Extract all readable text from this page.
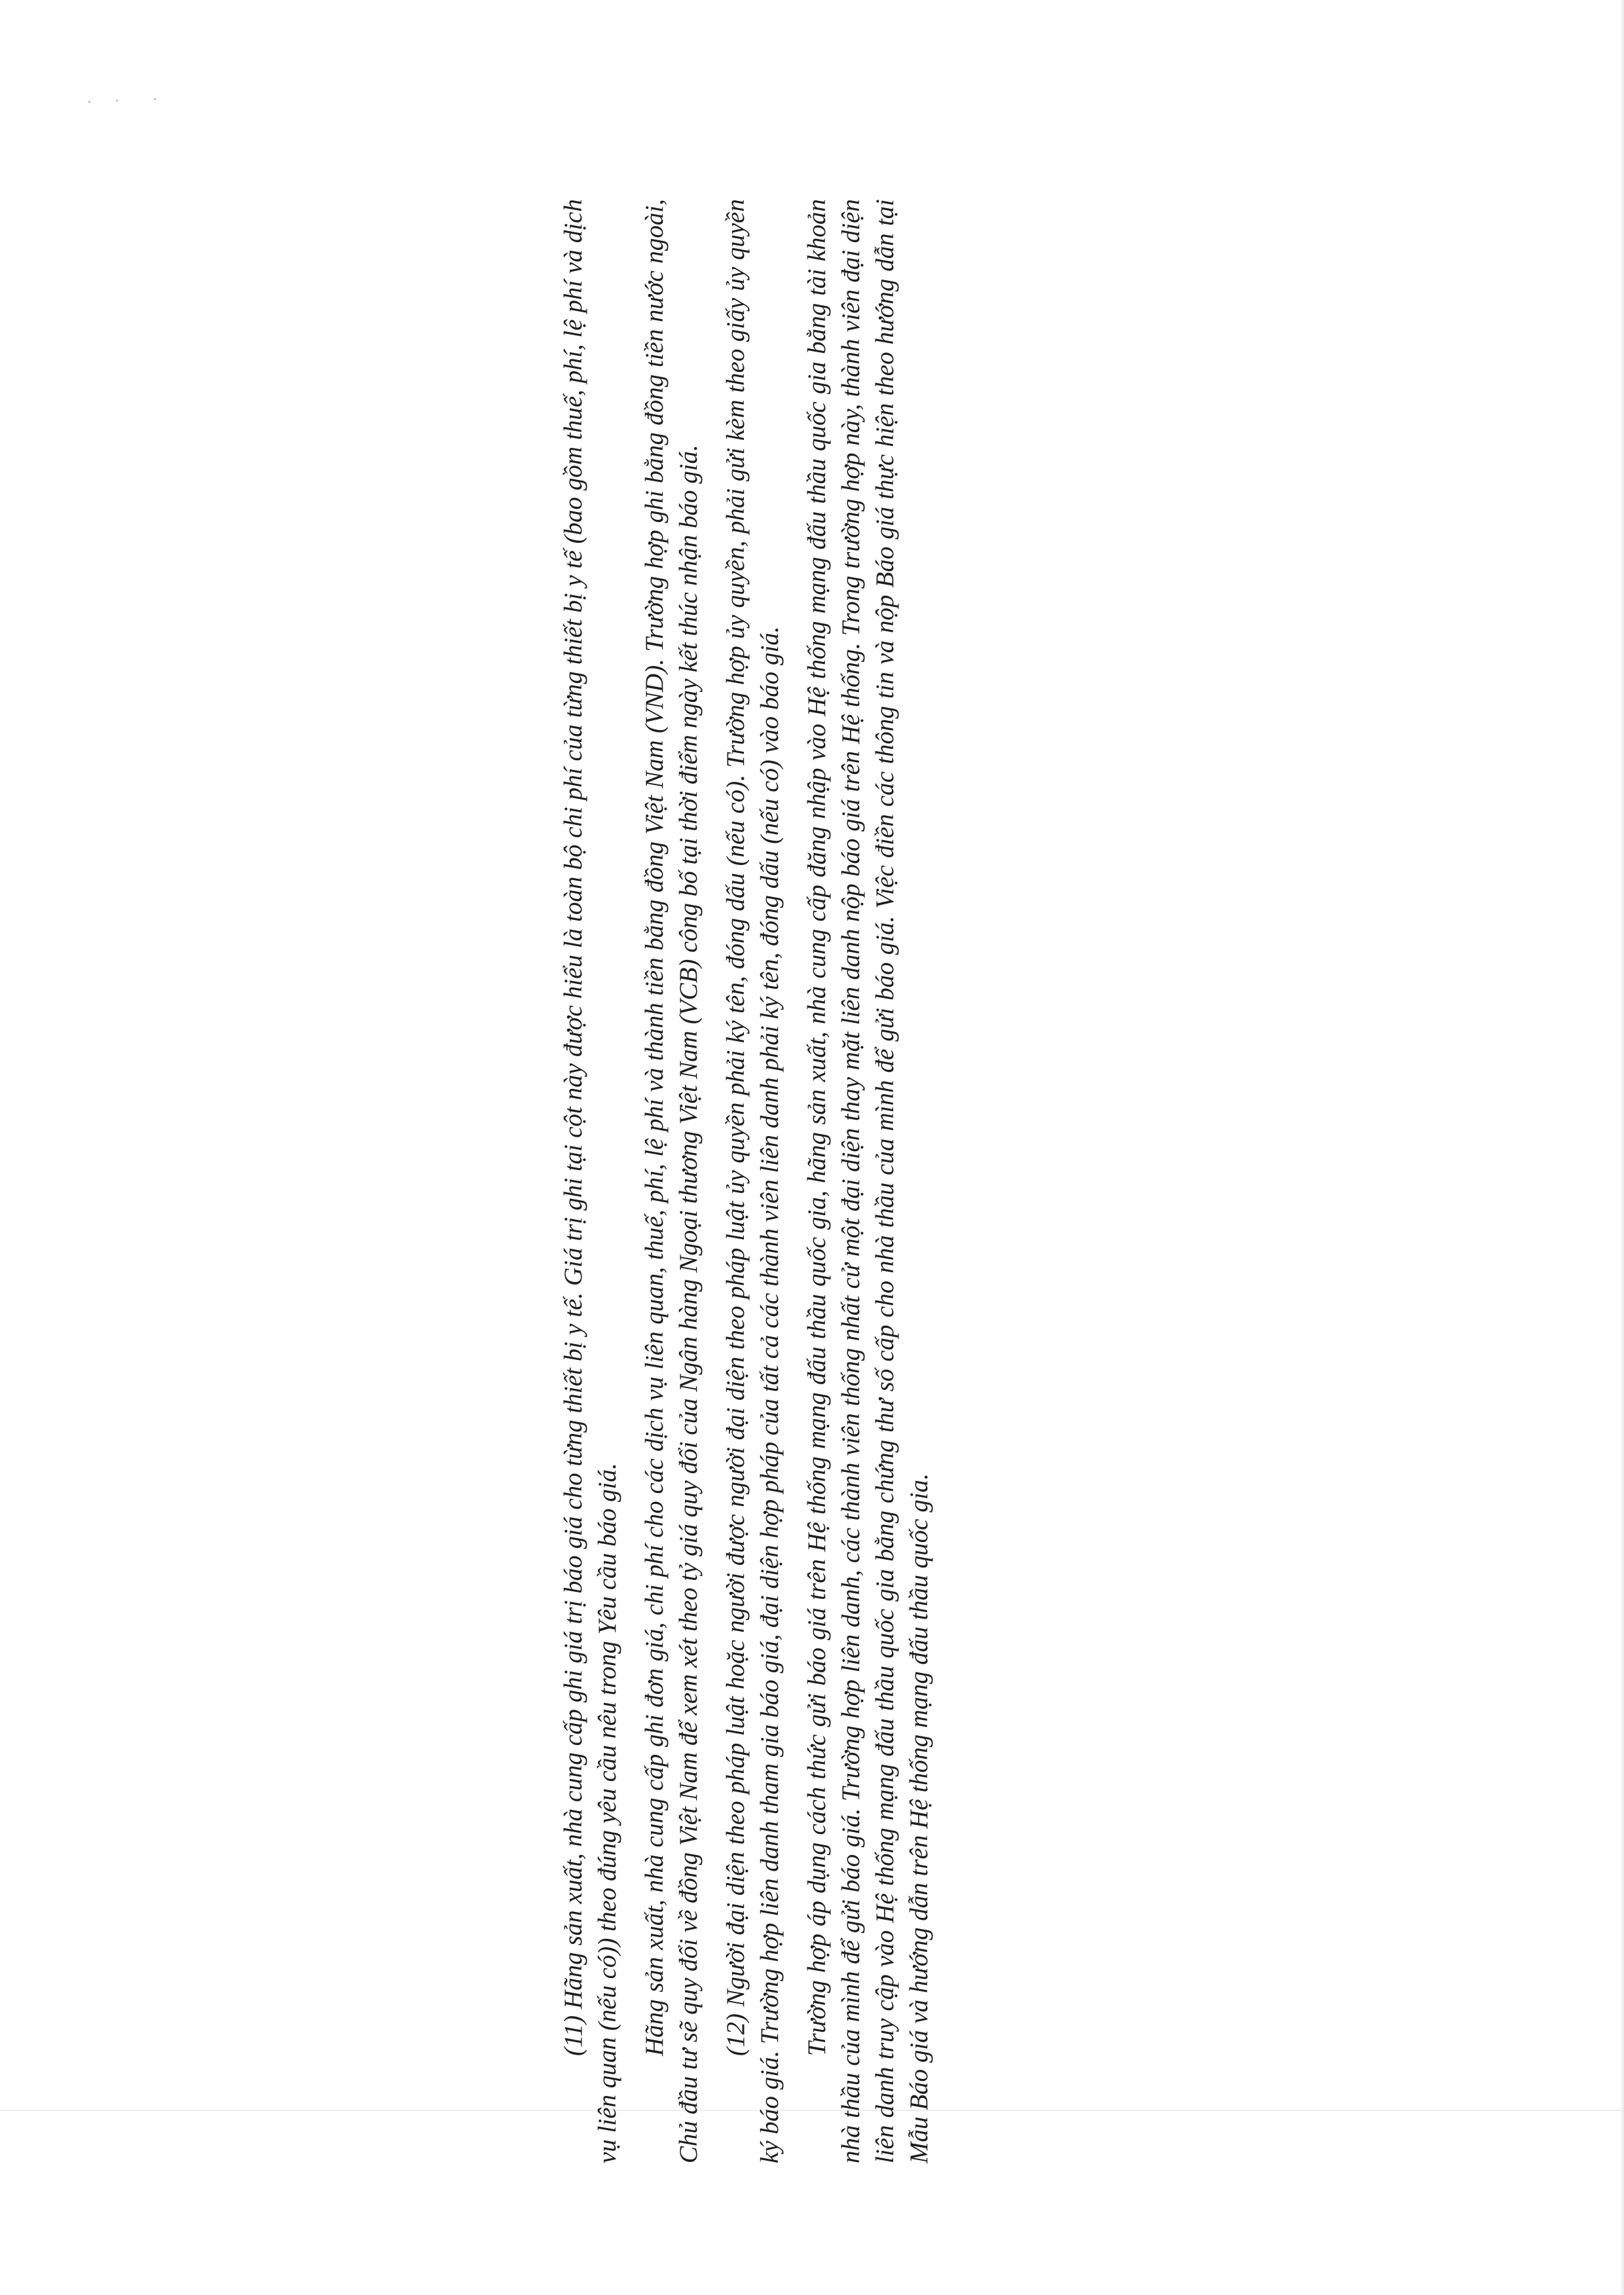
(11) Hãng sản xuất, nhà cung cấp ghi giá trị báo giá cho từng thiết bị y tế. Giá trị ghi tại cột này được hiểu là toàn bộ chi phí của từng thiết bị y tế (bao gồm thuế, phí, lệ phí và dịch vụ liên quan (nếu có)) theo đúng yêu cầu nêu trong Yêu cầu báo giá. Hãng sản xuất, nhà cung cấp ghi đơn giá, chi phí cho các dịch vụ liên quan, thuế, phí, lệ phí và thành tiền bằng đồng Việt Nam (VND). Trường hợp ghi bằng đồng tiền nước ngoài, Chủ đầu tư sẽ quy đổi về đồng Việt Nam để xem xét theo tỷ giá quy đổi của Ngân hàng Ngoại thương Việt Nam (VCB) công bố tại thời điểm ngày kết thúc nhận báo giá. (12) Người đại diện theo pháp luật hoặc người được người đại diện theo pháp luật ủy quyền phải ký tên, đóng dấu (nếu có). Trường hợp ủy quyền, phải gửi kèm theo giấy ủy quyền ký báo giá. Trường hợp liên danh tham gia báo giá, đại diện hợp pháp của tất cả các thành viên liên danh phải ký tên, đóng dấu (nếu có) vào báo giá. Trường hợp áp dụng cách thức gửi báo giá trên Hệ thống mạng đấu thầu quốc gia, hãng sản xuất, nhà cung cấp đăng nhập vào Hệ thống mạng đấu thầu quốc gia bằng tài khoản nhà thầu của mình để gửi báo giá. Trường hợp liên danh, các thành viên thống nhất cử một đại diện thay mặt liên danh nộp báo giá trên Hệ thống. Trong trường hợp này, thành viên đại diện liên danh truy cập vào Hệ thống mạng đấu thầu quốc gia bằng chứng thư số cấp cho nhà thầu của mình để gửi báo giá. Việc điền các thông tin và nộp Báo giá thực hiện theo hướng dẫn tại Mẫu Báo giá và hướng dẫn trên Hệ thống mạng đấu thầu quốc gia.
